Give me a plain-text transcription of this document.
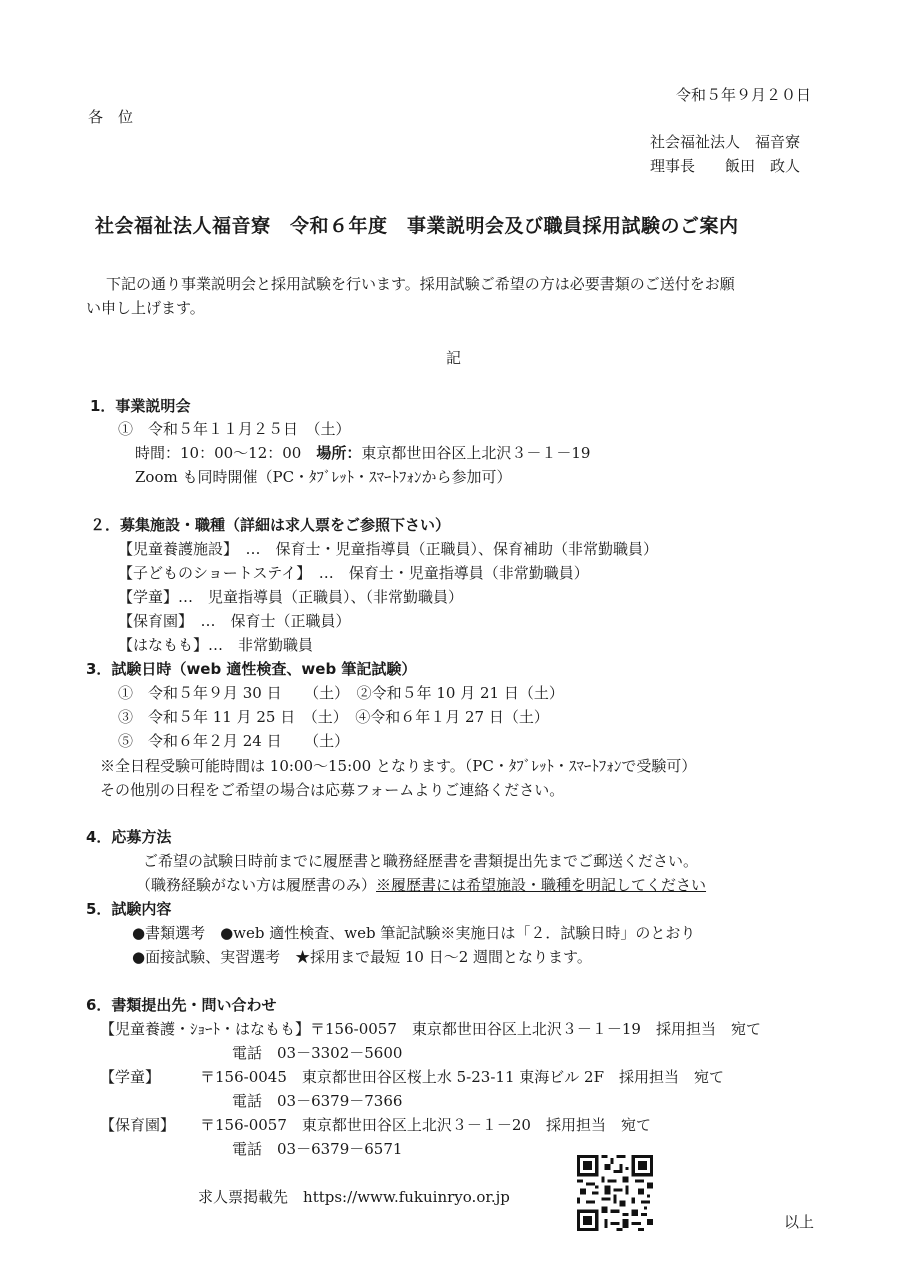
令和５年９月２０日
各　位
社会福祉法人　福音寮
理事長　　飯田　政人
社会福祉法人福音寮　令和６年度　事業説明会及び職員採用試験のご案内
下記の通り事業説明会と採用試験を行います。採用試験ご希望の方は必要書類のご送付をお願
い申し上げます。
記
1．事業説明会
①　令和５年１１月２５日　（土）
時間：10：00～12：00　 場所：東京都世田谷区上北沢３－１－19
Zoom も同時開催（PC・ﾀﾌﾞﾚｯﾄ・ｽﾏｰﾄﾌｫﾝから参加可）
２．募集施設・職種（詳細は求人票をご参照下さい）
【児童養護施設】　…　保育士・児童指導員（正職員）、保育補助（非常勤職員）
【子どものショートステイ】　…　保育士・児童指導員（非常勤職員）
【学童】…　児童指導員（正職員）、（非常勤職員）
【保育園】　…　保育士（正職員）
【はなもも】…　非常勤職員
3．試験日時（web 適性検査、web 筆記試験）
①　令和５年９月 30 日　　（土）　②令和５年 10 月 21 日（土）
③　令和５年 11 月 25 日　（土）　④令和６年１月 27 日（土）
⑤　令和６年２月 24 日　　（土）
※全日程受験可能時間は 10:00～15:00 となります。（PC・ﾀﾌﾞﾚｯﾄ・ｽﾏｰﾄﾌｫﾝで受験可）
その他別の日程をご希望の場合は応募フォームよりご連絡ください。
4．応募方法
ご希望の試験日時前までに履歴書と職務経歴書を書類提出先までご郵送ください。
（職務経験がない方は履歴書のみ）※履歴書には希望施設・職種を明記してください
5．試験内容
●書類選考　●web 適性検査、web 筆記試験※実施日は「２．試験日時」のとおり
●面接試験、実習選考　★採用まで最短 10 日～2 週間となります。
6．書類提出先・問い合わせ
【児童養護・ｼｮｰﾄ・はなもも】〒156-0057　東京都世田谷区上北沢３－１－19　採用担当　宛て
電話　03－3302－5600
【学童】	〒156-0045　東京都世田谷区桜上水 5-23-11 東海ビル 2F　採用担当　宛て
電話　03－6379－7366
【保育園】 〒156-0057　東京都世田谷区上北沢３－１－20　採用担当　宛て
電話　03－6379－6571
求人票掲載先　 https://www.fukuinryo.or.jp
以上
